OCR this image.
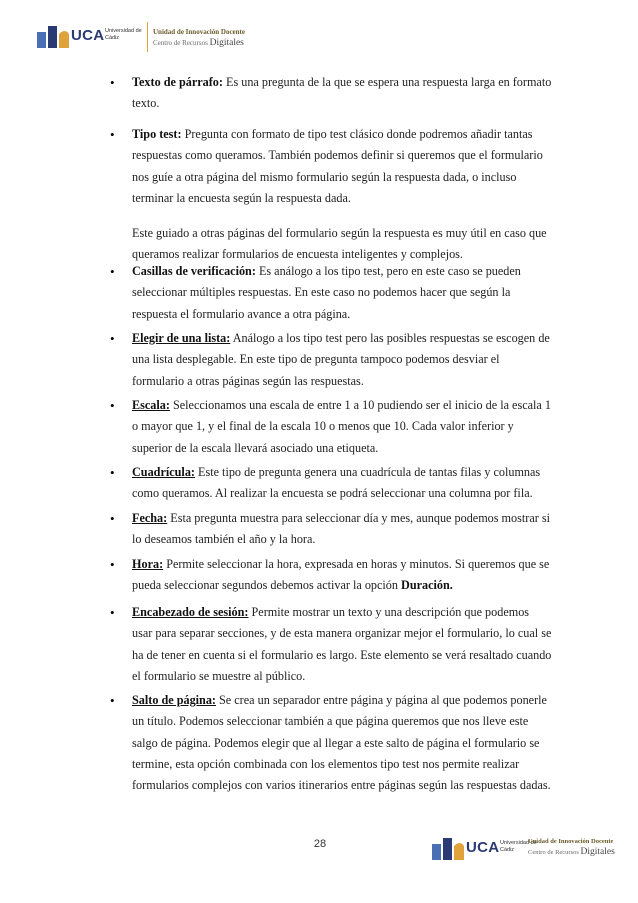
UCA Universidad de Cádiz
Unidad de Innovación Docente
Centro de Recursos Digitales
• Texto de párrafo: Es una pregunta de la que se espera una respuesta larga en formato texto.
• Tipo test: Pregunta con formato de tipo test clásico donde podremos añadir tantas respuestas como queramos. También podemos definir si queremos que el formulario nos guíe a otra página del mismo formulario según la respuesta dada, o incluso terminar la encuesta según la respuesta dada.
Este guiado a otras páginas del formulario según la respuesta es muy útil en caso que queramos realizar formularios de encuesta inteligentes y complejos.
• Casillas de verificación: Es análogo a los tipo test, pero en este caso se pueden seleccionar múltiples respuestas. En este caso no podemos hacer que según la respuesta el formulario avance a otra página.
• Elegir de una lista: Análogo a los tipo test pero las posibles respuestas se escogen de una lista desplegable. En este tipo de pregunta tampoco podemos desviar el formulario a otras páginas según las respuestas.
• Escala: Seleccionamos una escala de entre 1 a 10 pudiendo ser el inicio de la escala 1 o mayor que 1, y el final de la escala 10 o menos que 10. Cada valor inferior y superior de la escala llevará asociado una etiqueta.
• Cuadrícula: Este tipo de pregunta genera una cuadrícula de tantas filas y columnas como queramos. Al realizar la encuesta se podrá seleccionar una columna por fila.
• Fecha: Esta pregunta muestra para seleccionar día y mes, aunque podemos mostrar si lo deseamos también el año y la hora.
• Hora: Permite seleccionar la hora, expresada en horas y minutos. Si queremos que se pueda seleccionar segundos debemos activar la opción Duración.
• Encabezado de sesión: Permite mostrar un texto y una descripción que podemos usar para separar secciones, y de esta manera organizar mejor el formulario, lo cual se ha de tener en cuenta si el formulario es largo. Este elemento se verá resaltado cuando el formulario se muestre al público.
• Salto de página: Se crea un separador entre página y página al que podemos ponerle un título. Podemos seleccionar también a que página queremos que nos lleve este salgo de página. Podemos elegir que al llegar a este salto de página el formulario se termine, esta opción combinada con los elementos tipo test nos permite realizar formularios complejos con varios itinerarios entre páginas según las respuestas dadas.
28	UCA Universidad de Cádiz
Unidad de Innovación Docente
Centro de Recursos Digitales
